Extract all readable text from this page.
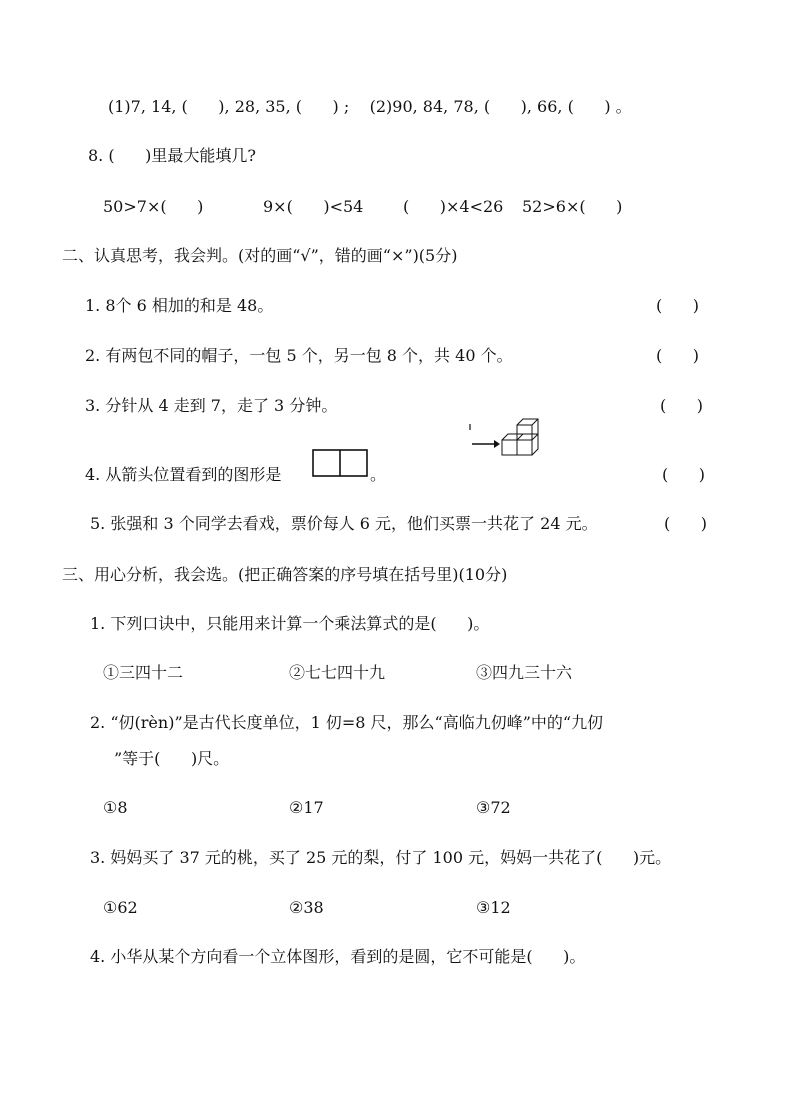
(1)7, 14, (      ), 28, 35, (      ) ;    (2)90, 84, 78, (      ), 66, (      ) 。
8. (      )里最大能填几?
50>7×(      )	9×(      )<54 (      )×4<26 52>6×(      )
二、认真思考，我会判。(对的画“√”，错的画“×”)(5分)
1. 8个 6 相加的和是 48。	(      )
2. 有两包不同的帽子，一包 5 个，另一包 8 个，共 40 个。	(      )
3. 分针从 4 走到 7，走了 3 分钟。	(      )
4. 从箭头位置看到的图形是	。	(      )
5. 张强和 3 个同学去看戏，票价每人 6 元，他们买票一共花了 24 元。	(      )
三、用心分析，我会选。(把正确答案的序号填在括号里)(10分)
1. 下列口诀中，只能用来计算一个乘法算式的是(      )。
①三四十二	②七七四十九	③四九三十六
2. “仞(rèn)”是古代长度单位，1 仞=8 尺，那么“高临九仞峰”中的“九仞
”等于(      )尺。
①8	②17	③72
3. 妈妈买了 37 元的桃，买了 25 元的梨，付了 100 元，妈妈一共花了(      )元。
①62	②38	③12
4. 小华从某个方向看一个立体图形，看到的是圆，它不可能是(      )。
